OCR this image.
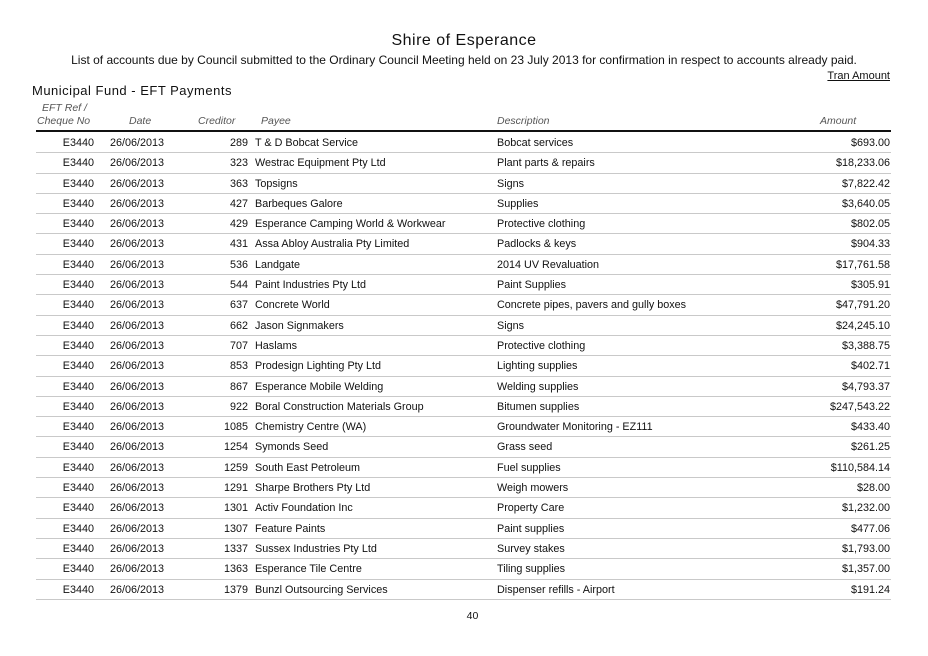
Shire of Esperance
List of accounts due by Council submitted to the Ordinary Council Meeting held on 23 July 2013 for confirmation in respect to accounts already paid.
Tran Amount
Municipal Fund - EFT Payments
EFT Ref /
Cheque No	Date	Creditor Payee	Description	Amount
E3440 26/06/2013	289 T & D Bobcat Service	Bobcat services	$693.00
E3440 26/06/2013	323 Westrac Equipment Pty Ltd	Plant parts & repairs	$18,233.06
E3440 26/06/2013	363 Topsigns	Signs	$7,822.42
E3440 26/06/2013	427 Barbeques Galore	Supplies	$3,640.05
E3440 26/06/2013	429 Esperance Camping World & Workwear	Protective clothing	$802.05
E3440 26/06/2013	431 Assa Abloy Australia Pty Limited	Padlocks & keys	$904.33
E3440 26/06/2013	536 Landgate	2014 UV Revaluation	$17,761.58
E3440 26/06/2013	544 Paint Industries Pty Ltd	Paint Supplies	$305.91
E3440 26/06/2013	637 Concrete World	Concrete pipes, pavers and gully boxes	$47,791.20
E3440 26/06/2013	662 Jason Signmakers	Signs	$24,245.10
E3440 26/06/2013	707 Haslams	Protective clothing	$3,388.75
E3440 26/06/2013	853 Prodesign Lighting Pty Ltd	Lighting supplies	$402.71
E3440 26/06/2013	867 Esperance Mobile Welding	Welding supplies	$4,793.37
E3440 26/06/2013	922 Boral Construction Materials Group	Bitumen supplies	$247,543.22
E3440 26/06/2013	1085 Chemistry Centre (WA)	Groundwater Monitoring - EZ111	$433.40
E3440 26/06/2013	1254 Symonds Seed	Grass seed	$261.25
E3440 26/06/2013	1259 South East Petroleum	Fuel supplies	$110,584.14
E3440 26/06/2013	1291 Sharpe Brothers Pty Ltd	Weigh mowers	$28.00
E3440 26/06/2013	1301 Activ Foundation Inc	Property Care	$1,232.00
E3440 26/06/2013	1307 Feature Paints	Paint supplies	$477.06
E3440 26/06/2013	1337 Sussex Industries Pty Ltd	Survey stakes	$1,793.00
E3440 26/06/2013	1363 Esperance Tile Centre	Tiling supplies	$1,357.00
E3440 26/06/2013	1379 Bunzl Outsourcing Services	Dispenser refills - Airport	$191.24
40
